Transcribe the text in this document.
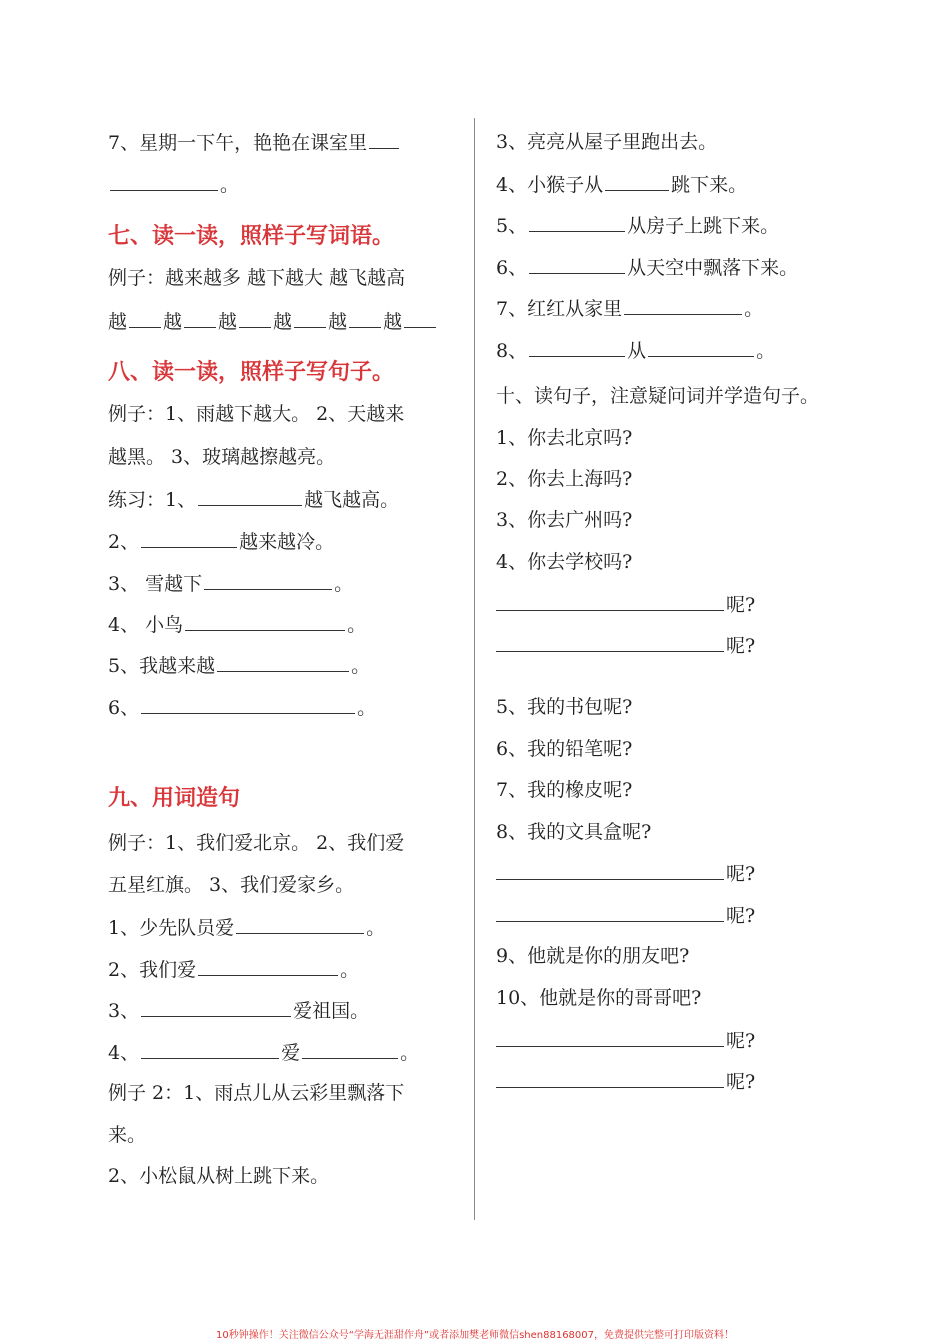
7、星期一下午，艳艳在课室里
。
七、读一读，照样子写词语。
例子：越来越多 越下越大 越飞越高
越 越 越 越 越 越
八、读一读，照样子写句子。
例子：1、雨越下越大。 2、天越来
越黑。 3、玻璃越擦越亮。
练习：1、	越飞越高。
2、	越来越冷。
3、 雪越下	。
4、 小鸟	。
5、我越来越	。
6、	。
九、用词造句
例子：1、我们爱北京。 2、我们爱
五星红旗。 3、我们爱家乡。
1、少先队员爱	。
2、我们爱	。
3、	爱祖国。
4、	爱	。
例子 2：1、雨点儿从云彩里飘落下
来。
2、小松鼠从树上跳下来。
3、亮亮从屋子里跑出去。
4、小猴子从	跳下来。
5、	从房子上跳下来。
6、	从天空中飘落下来。
7、红红从家里	。
8、	从	。
十、读句子，注意疑问词并学造句子。
1、你去北京吗?
2、你去上海吗?
3、你去广州吗?
4、你去学校吗?
呢?
呢?
5、我的书包呢?
6、我的铅笔呢?
7、我的橡皮呢?
8、我的文具盒呢?
呢?
呢?
9、他就是你的朋友吧?
10、他就是你的哥哥吧?
呢?
呢?
10秒钟操作！关注微信公众号“学海无涯甜作舟”或者添加樊老师微信shen88168007，免费提供完整可打印版资料！
